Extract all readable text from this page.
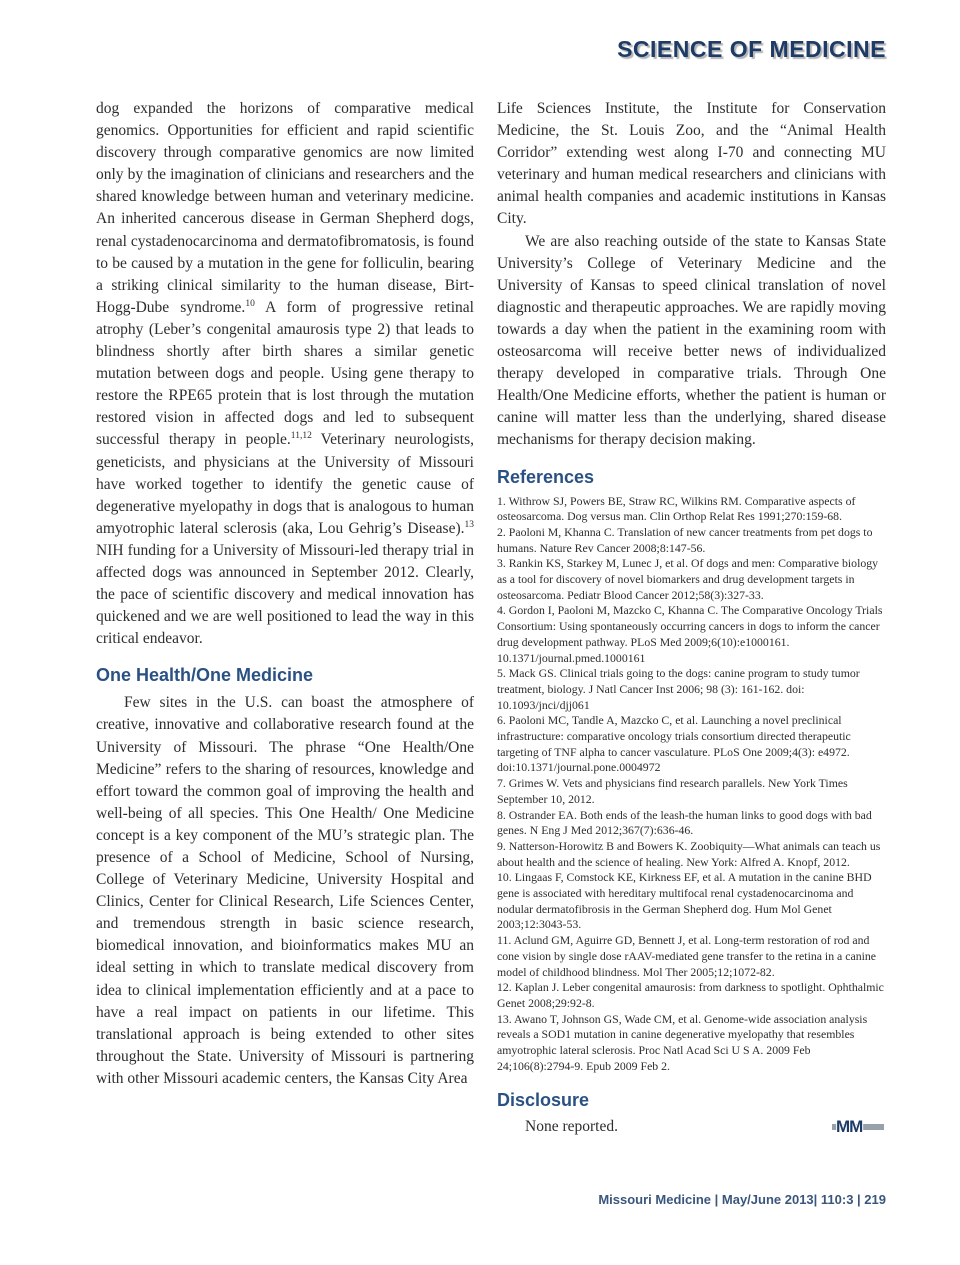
SCIENCE OF MEDICINE

dog expanded the horizons of comparative medical genomics. Opportunities for efficient and rapid scientific discovery through comparative genomics are now limited only by the imagination of clinicians and researchers and the shared knowledge between human and veterinary medicine. An inherited cancerous disease in German Shepherd dogs, renal cystadenocarcinoma and dermatofibromatosis, is found to be caused by a mutation in the gene for folliculin, bearing a striking clinical similarity to the human disease, Birt-Hogg-Dube syndrome.$^{10}$ A form of progressive retinal atrophy (Leber’s congenital amaurosis type 2) that leads to blindness shortly after birth shares a similar genetic mutation between dogs and people. Using gene therapy to restore the RPE65 protein that is lost through the mutation restored vision in affected dogs and led to subsequent successful therapy in people.$^{11,12}$ Veterinary neurologists, geneticists, and physicians at the University of Missouri have worked together to identify the genetic cause of degenerative myelopathy in dogs that is analogous to human amyotrophic lateral sclerosis (aka, Lou Gehrig’s Disease).$^{13}$ NIH funding for a University of Missouri-led therapy trial in affected dogs was announced in September 2012. Clearly, the pace of scientific discovery and medical innovation has quickened and we are well positioned to lead the way in this critical endeavor.

One Health/One Medicine

Few sites in the U.S. can boast the atmosphere of creative, innovative and collaborative research found at the University of Missouri. The phrase “One Health/One Medicine” refers to the sharing of resources, knowledge and effort toward the common goal of improving the health and well-being of all species. This One Health/ One Medicine concept is a key component of the MU’s strategic plan. The presence of a School of Medicine, School of Nursing, College of Veterinary Medicine, University Hospital and Clinics, Center for Clinical Research, Life Sciences Center, and tremendous strength in basic science research, biomedical innovation, and bioinformatics makes MU an ideal setting in which to translate medical discovery from idea to clinical implementation efficiently and at a pace to have a real impact on patients in our lifetime. This translational approach is being extended to other sites throughout the State. University of Missouri is partnering with other Missouri academic centers, the Kansas City Area

Life Sciences Institute, the Institute for Conservation Medicine, the St. Louis Zoo, and the “Animal Health Corridor” extending west along I-70 and connecting MU veterinary and human medical researchers and clinicians with animal health companies and academic institutions in Kansas City.

We are also reaching outside of the state to Kansas State University’s College of Veterinary Medicine and the University of Kansas to speed clinical translation of novel diagnostic and therapeutic approaches. We are rapidly moving towards a day when the patient in the examining room with osteosarcoma will receive better news of individualized therapy developed in comparative trials. Through One Health/One Medicine efforts, whether the patient is human or canine will matter less than the underlying, shared disease mechanisms for therapy decision making.

References

1. Withrow SJ, Powers BE, Straw RC, Wilkins RM. Comparative aspects of osteosarcoma. Dog versus man. Clin Orthop Relat Res 1991;270:159-68.

2. Paoloni M, Khanna C. Translation of new cancer treatments from pet dogs to humans. Nature Rev Cancer 2008;8:147-56.

3. Rankin KS, Starkey M, Lunec J, et al. Of dogs and men: Comparative biology as a tool for discovery of novel biomarkers and drug development targets in osteosarcoma. Pediatr Blood Cancer 2012;58(3):327-33.

4. Gordon I, Paoloni M, Mazcko C, Khanna C. The Comparative Oncology Trials Consortium: Using spontaneously occurring cancers in dogs to inform the cancer drug development pathway. PLoS Med 2009;6(10):e1000161. 10.1371/journal.pmed.1000161

5. Mack GS. Clinical trials going to the dogs: canine program to study tumor treatment, biology. J Natl Cancer Inst 2006; 98 (3): 161-162. doi: 10.1093/jnci/djj061

6. Paoloni MC, Tandle A, Mazcko C, et al. Launching a novel preclinical infrastructure: comparative oncology trials consortium directed therapeutic targeting of TNF alpha to cancer vasculature. PLoS One 2009;4(3): e4972. doi:10.1371/journal.pone.0004972

7. Grimes W. Vets and physicians find research parallels. New York Times September 10, 2012.

8. Ostrander EA. Both ends of the leash-the human links to good dogs with bad genes. N Eng J Med 2012;367(7):636-46.

9. Natterson-Horowitz B and Bowers K. Zoobiquity—What animals can teach us about health and the science of healing. New York: Alfred A. Knopf, 2012.

10. Lingaas F, Comstock KE, Kirkness EF, et al. A mutation in the canine BHD gene is associated with hereditary multifocal renal cystadenocarcinoma and nodular dermatofibrosis in the German Shepherd dog. Hum Mol Genet 2003;12:3043-53.

11. Aclund GM, Aguirre GD, Bennett J, et al. Long-term restoration of rod and cone vision by single dose rAAV-mediated gene transfer to the retina in a canine model of childhood blindness. Mol Ther 2005;12;1072-82.

12. Kaplan J. Leber congenital amaurosis: from darkness to spotlight. Ophthalmic Genet 2008;29:92-8.

13. Awano T, Johnson GS, Wade CM, et al. Genome-wide association analysis reveals a SOD1 mutation in canine degenerative myelopathy that resembles amyotrophic lateral sclerosis. Proc Natl Acad Sci U S A. 2009 Feb 24;106(8):2794-9. Epub 2009 Feb 2.

Disclosure
None reported.	MM
Missouri Medicine | May/June 2013| 110:3 | 219
